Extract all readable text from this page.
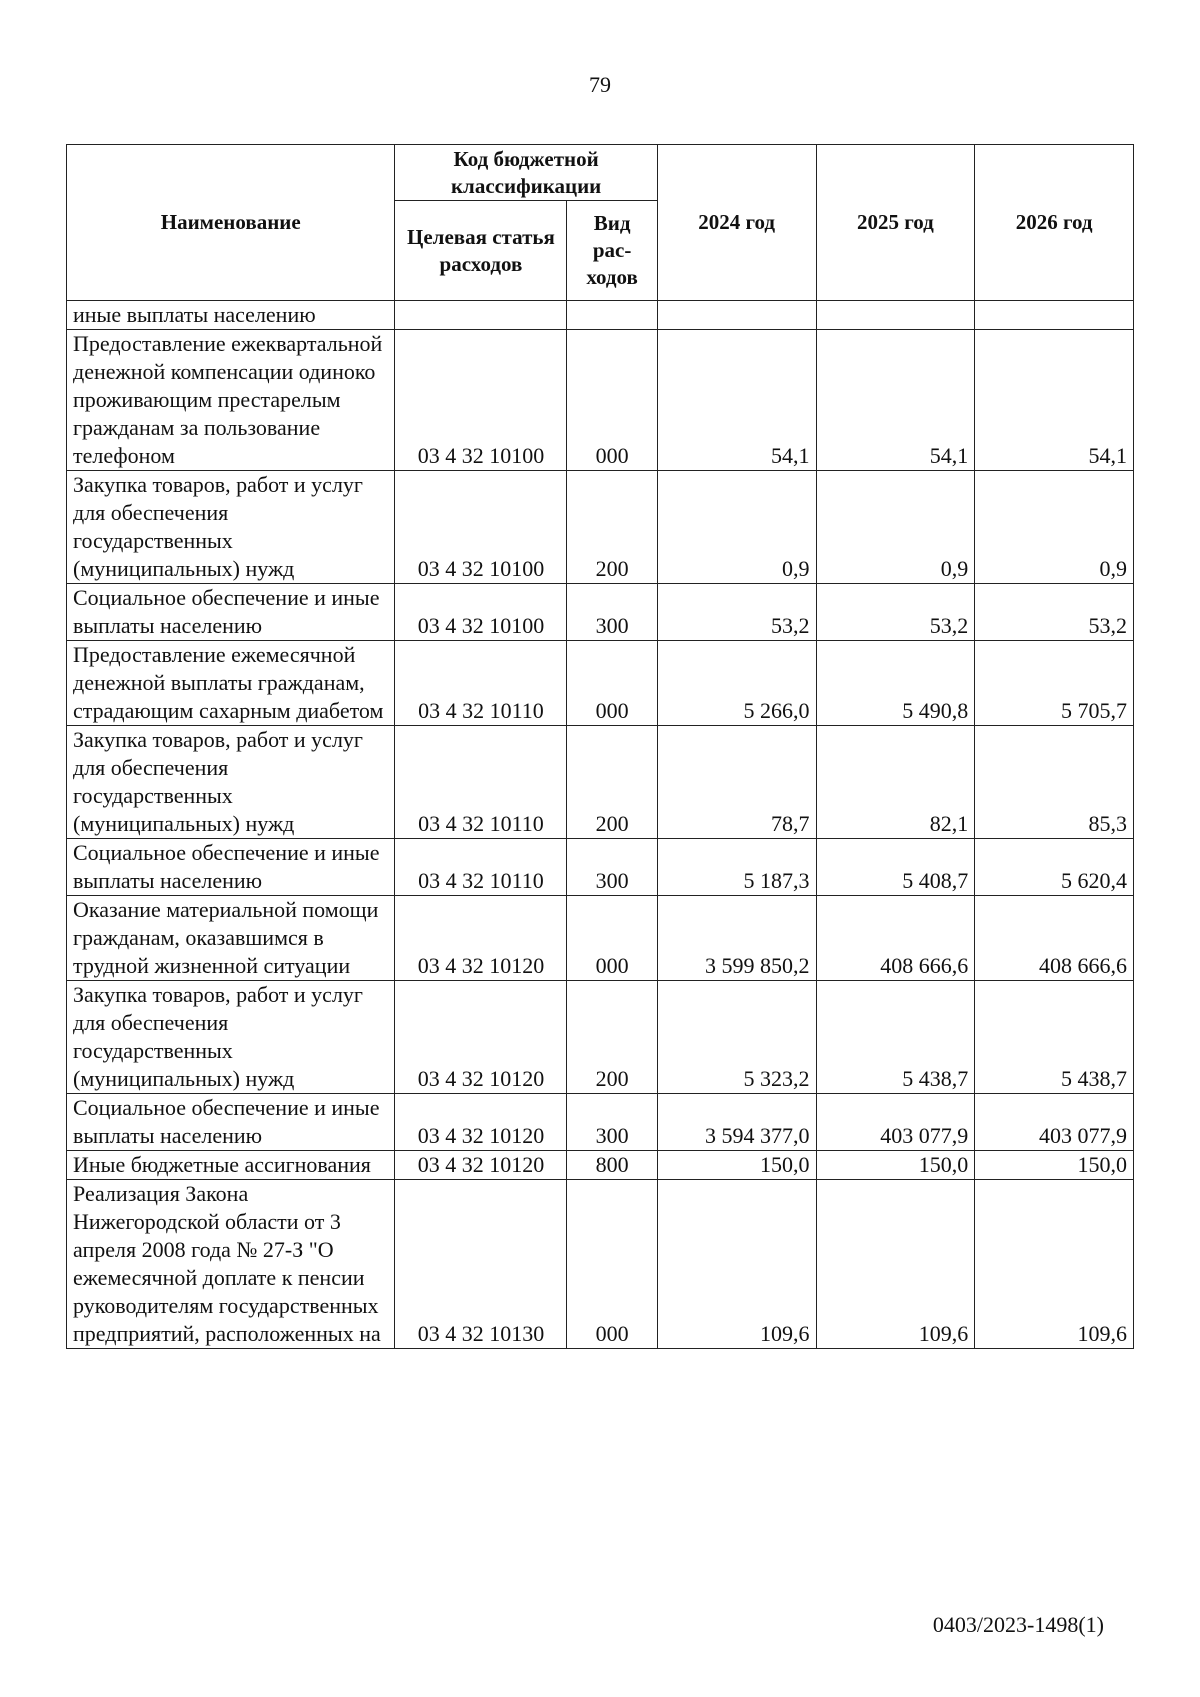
79
Наименование	Код бюджетной классификации		2024 год	2025 год	2026 год
	Целевая статья расходов	Вид рас-ходов			
иные выплаты населению					
Предоставление ежеквартальной денежной компенсации одиноко проживающим престарелым гражданам за пользование телефоном	03 4 32 10100	000	54,1	54,1	54,1
Закупка товаров, работ и услуг для обеспечения государственных (муниципальных) нужд	03 4 32 10100	200	0,9	0,9	0,9
Социальное обеспечение и иные выплаты населению	03 4 32 10100	300	53,2	53,2	53,2
Предоставление ежемесячной денежной выплаты гражданам, страдающим сахарным диабетом	03 4 32 10110	000	5 266,0	5 490,8	5 705,7
Закупка товаров, работ и услуг для обеспечения государственных (муниципальных) нужд	03 4 32 10110	200	78,7	82,1	85,3
Социальное обеспечение и иные выплаты населению	03 4 32 10110	300	5 187,3	5 408,7	5 620,4
Оказание материальной помощи гражданам, оказавшимся в трудной жизненной ситуации	03 4 32 10120	000	3 599 850,2	408 666,6	408 666,6
Закупка товаров, работ и услуг для обеспечения государственных (муниципальных) нужд	03 4 32 10120	200	5 323,2	5 438,7	5 438,7
Социальное обеспечение и иные выплаты населению	03 4 32 10120	300	3 594 377,0	403 077,9	403 077,9
Иные бюджетные ассигнования	03 4 32 10120	800	150,0	150,0	150,0
Реализация Закона Нижегородской области от 3 апреля 2008 года № 27-З "О ежемесячной доплате к пенсии руководителям государственных предприятий, расположенных на	03 4 32 10130	000	109,6	109,6	109,6
0403/2023-1498(1)
